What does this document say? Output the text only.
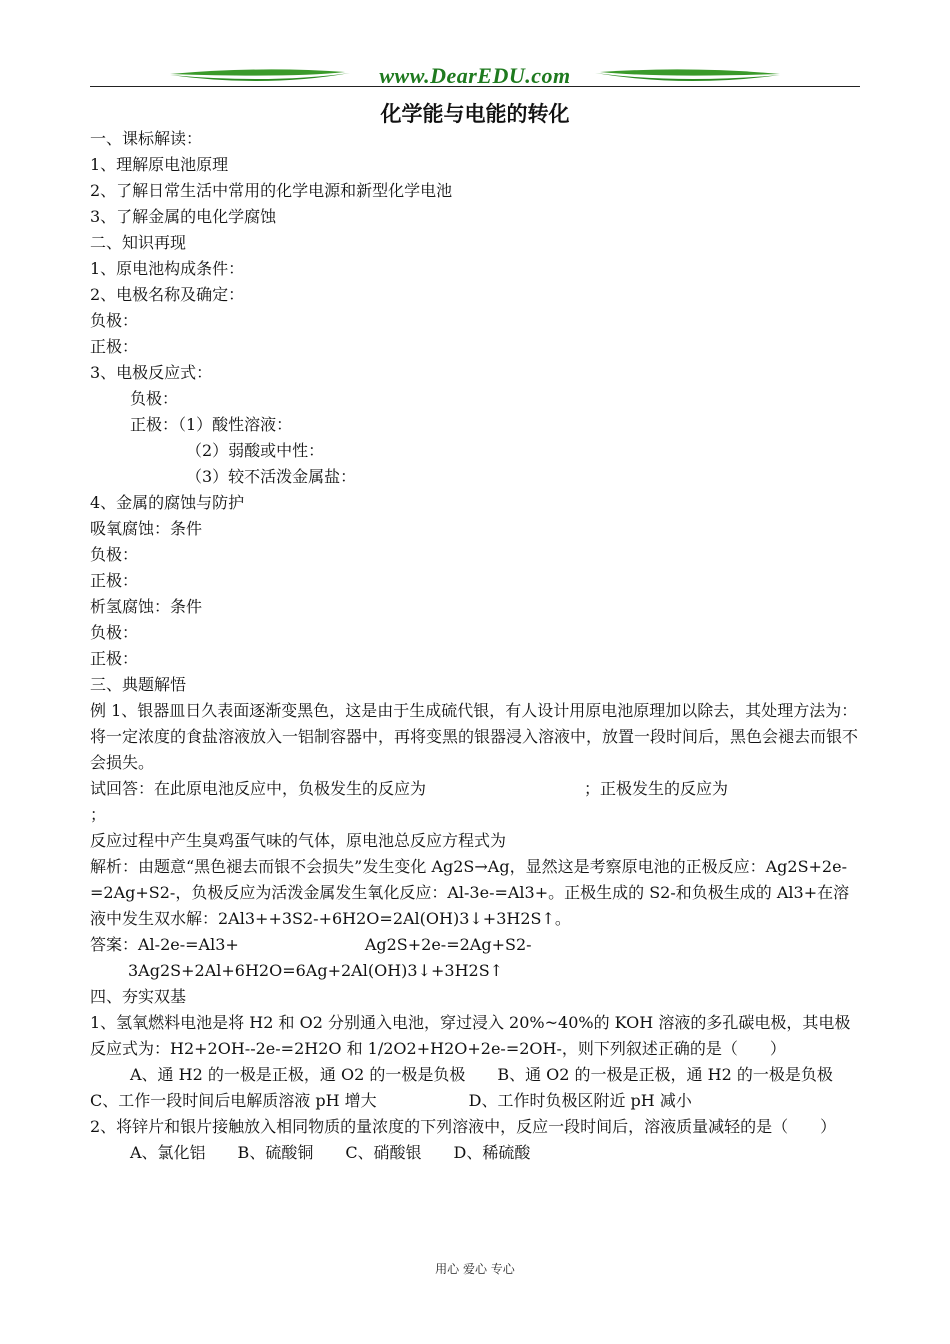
www.DearEDU.com
化学能与电能的转化
一、课标解读：
1、理解原电池原理
2、了解日常生活中常用的化学电源和新型化学电池
3、了解金属的电化学腐蚀
二、知识再现
1、原电池构成条件：
2、电极名称及确定：
负极：
正极：
3、电极反应式：
负极：
正极：（1）酸性溶液：
（2）弱酸或中性：
（3）较不活泼金属盐：
4、金属的腐蚀与防护
吸氧腐蚀：条件
负极：
正极：
析氢腐蚀：条件
负极：
正极：
三、典题解悟
例 1、银器皿日久表面逐渐变黑色，这是由于生成硫代银，有人设计用原电池原理加以除去，其处理方法为：将一定浓度的食盐溶液放入一铝制容器中，再将变黑的银器浸入溶液中，放置一段时间后，黑色会褪去而银不会损失。
试回答：在此原电池反应中，负极发生的反应为	；正极发生的反应为
；
反应过程中产生臭鸡蛋气味的气体，原电池总反应方程式为
解析：由题意“黑色褪去而银不会损失”发生变化 Ag2S→Ag，显然这是考察原电池的正极反应：Ag2S+2e-
=2Ag+S2-，负极反应为活泼金属发生氧化反应：Al-3e-=Al3+。正极生成的 S2-和负极生成的 Al3+在溶液中发生双水解：2Al3++3S2-+6H2O=2Al(OH)3↓+3H2S↑。
答案：Al-2e-=Al3+	Ag2S+2e-=2Ag+S2-
3Ag2S+2Al+6H2O=6Ag+2Al(OH)3↓+3H2S↑
四、夯实双基
1、氢氧燃料电池是将 H2 和 O2 分别通入电池，穿过浸入 20%~40%的 KOH 溶液的多孔碳电极，其电极反应式为：H2+2OH--2e-=2H2O 和 1/2O2+H2O+2e-=2OH-，则下列叙述正确的是（　　）
A、通 H2 的一极是正极，通 O2 的一极是负极　　B、通 O2 的一极是正极，通 H2 的一极是负极
C、工作一段时间后电解质溶液 pH 增大	D、工作时负极区附近 pH 减小
2、将锌片和银片接触放入相同物质的量浓度的下列溶液中，反应一段时间后，溶液质量减轻的是（　　）
A、氯化铝　　B、硫酸铜　　C、硝酸银　　D、稀硫酸
用心 爱心 专心
